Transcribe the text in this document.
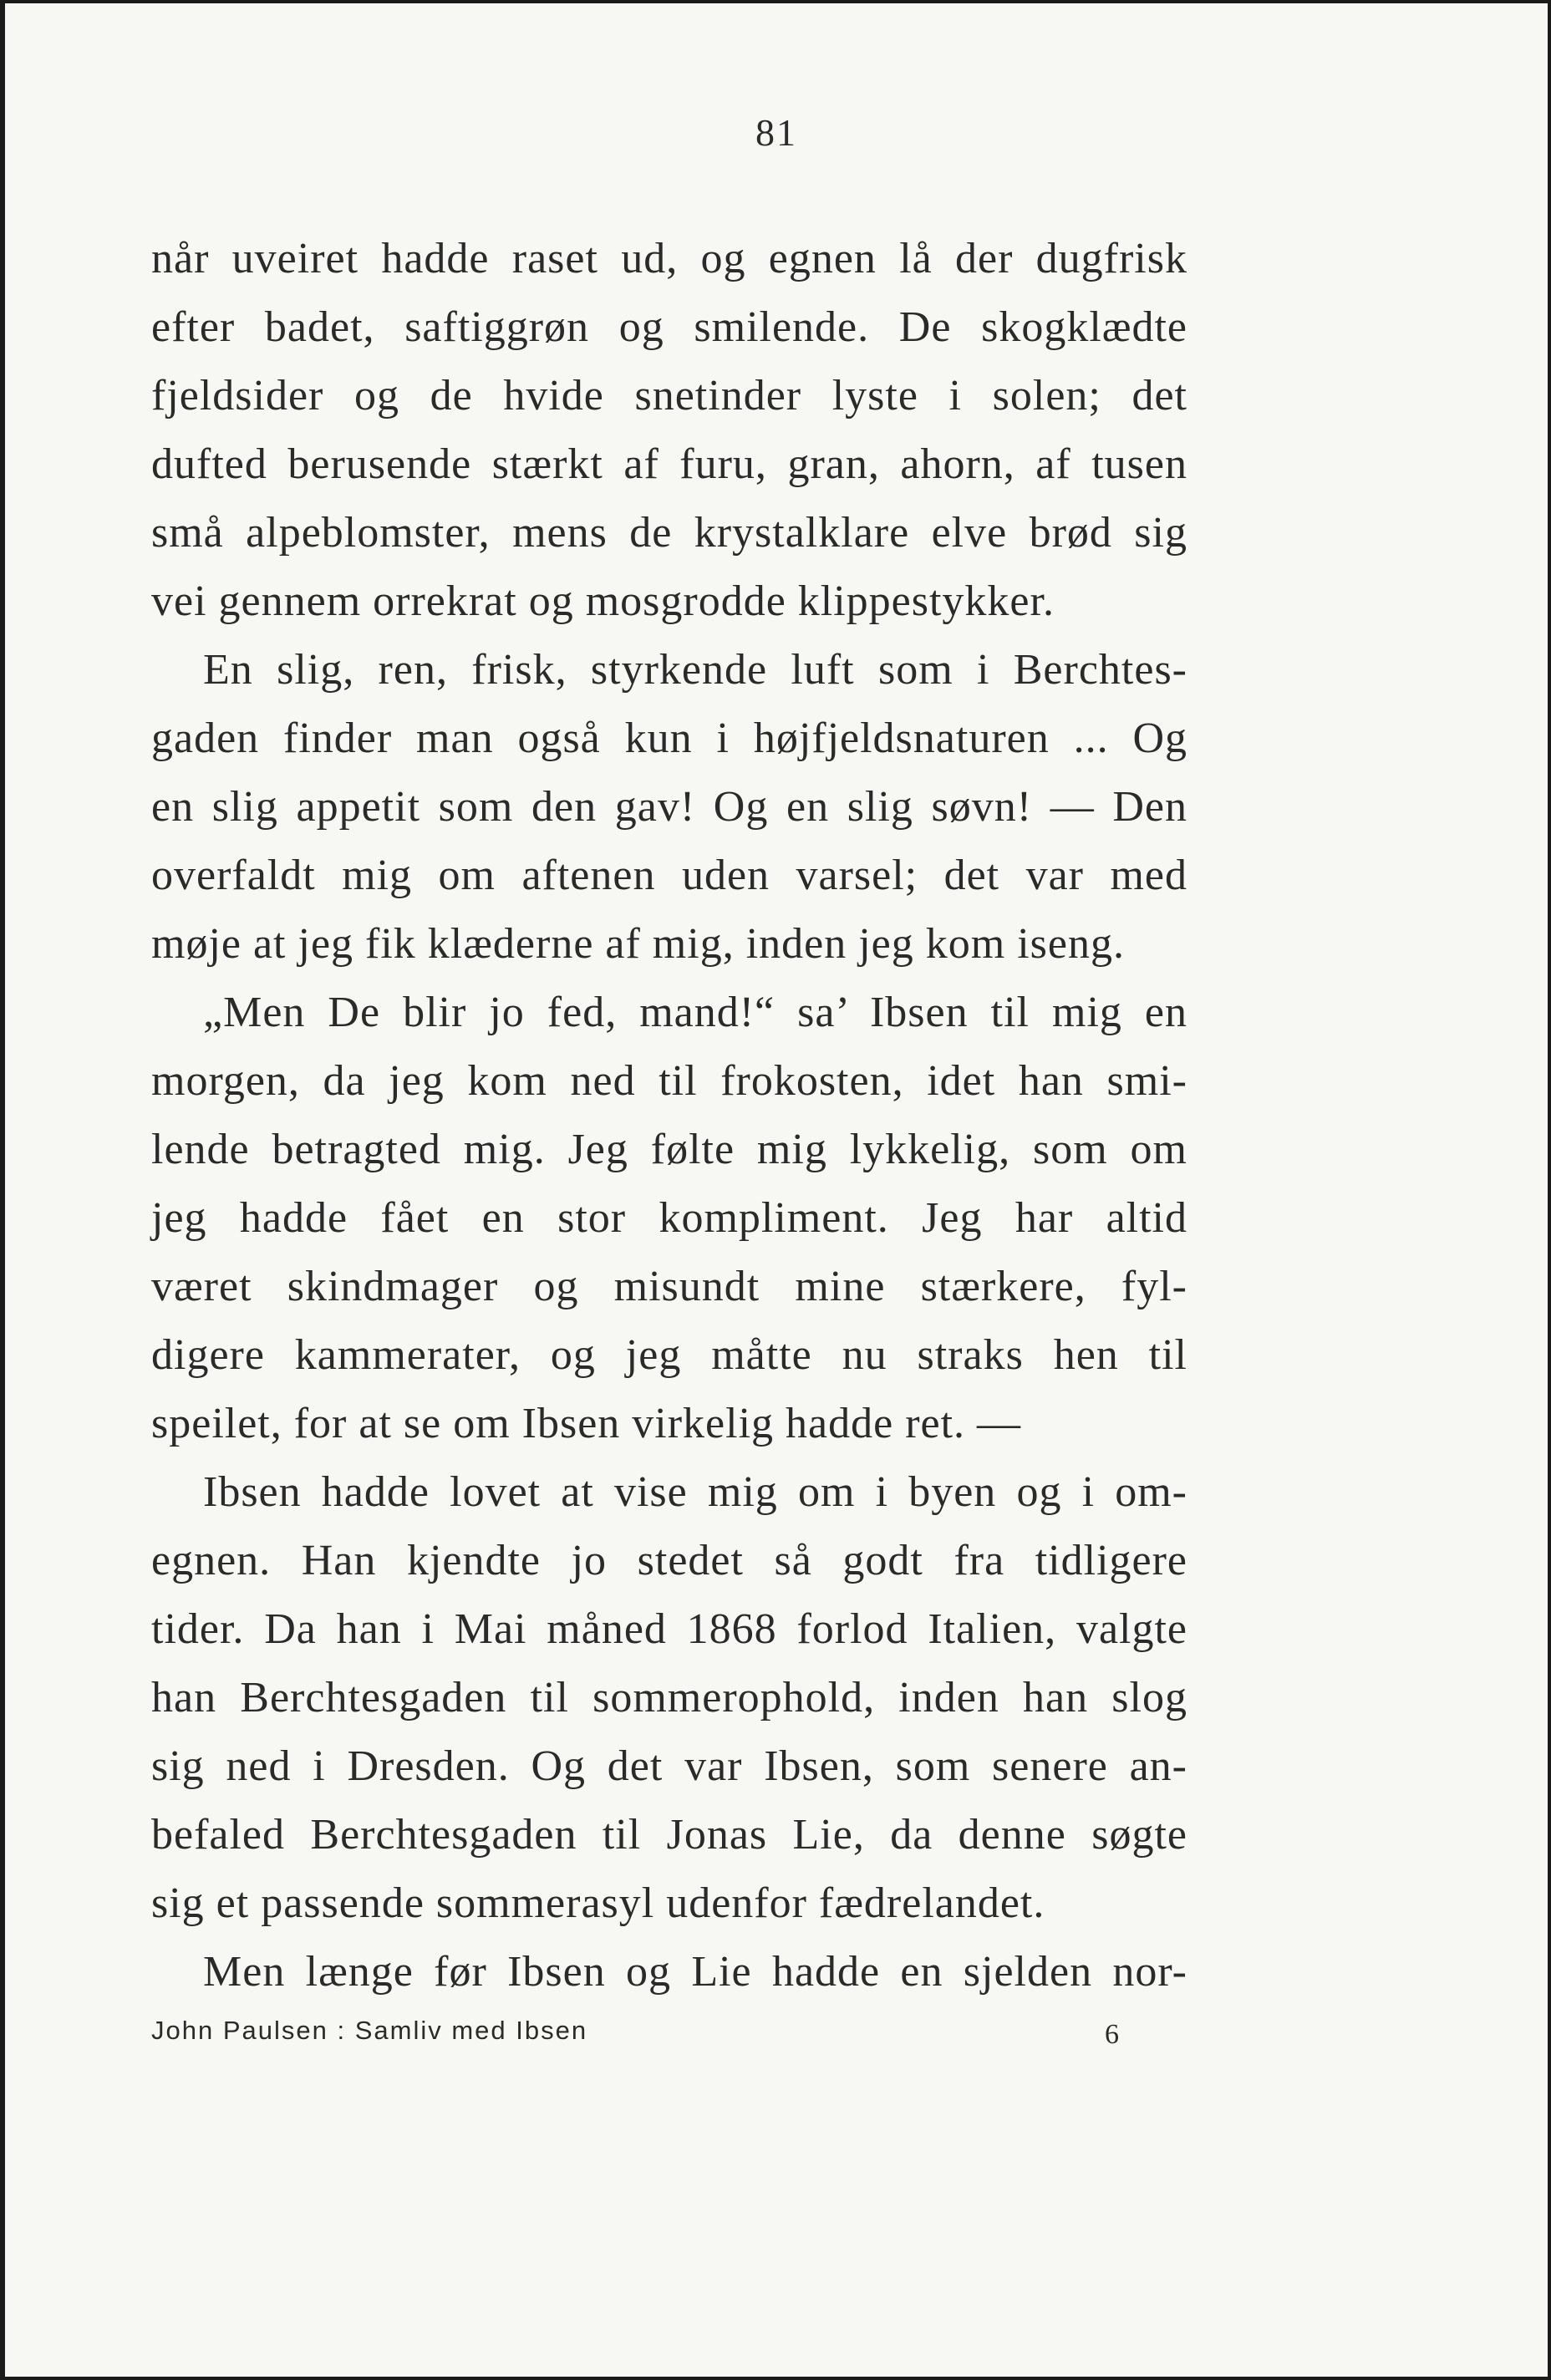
81
når uveiret hadde raset ud, og egnen lå der dugfrisk
efter badet, saftiggrøn og smilende. De skogklædte
fjeldsider og de hvide snetinder lyste i solen; det
dufted berusende stærkt af furu, gran, ahorn, af tusen
små alpeblomster, mens de krystalklare elve brød sig
vei gennem orrekrat og mosgrodde klippestykker.
En slig, ren, frisk, styrkende luft som i Berchtes-
gaden finder man også kun i højfjeldsnaturen ... Og
en slig appetit som den gav! Og en slig søvn! — Den
overfaldt mig om aftenen uden varsel; det var med
møje at jeg fik klæderne af mig, inden jeg kom iseng.
„Men De blir jo fed, mand!“ sa’ Ibsen til mig en
morgen, da jeg kom ned til frokosten, idet han smi-
lende betragted mig. Jeg følte mig lykkelig, som om
jeg hadde fået en stor kompliment. Jeg har altid
været skindmager og misundt mine stærkere, fyl-
digere kammerater, og jeg måtte nu straks hen til
speilet, for at se om Ibsen virkelig hadde ret. —
Ibsen hadde lovet at vise mig om i byen og i om-
egnen. Han kjendte jo stedet så godt fra tidligere
tider. Da han i Mai måned 1868 forlod Italien, valgte
han Berchtesgaden til sommerophold, inden han slog
sig ned i Dresden. Og det var Ibsen, som senere an-
befaled Berchtesgaden til Jonas Lie, da denne søgte
sig et passende sommerasyl udenfor fædrelandet.
Men længe før Ibsen og Lie hadde en sjelden nor-
John Paulsen : Samliv med Ibsen	6
